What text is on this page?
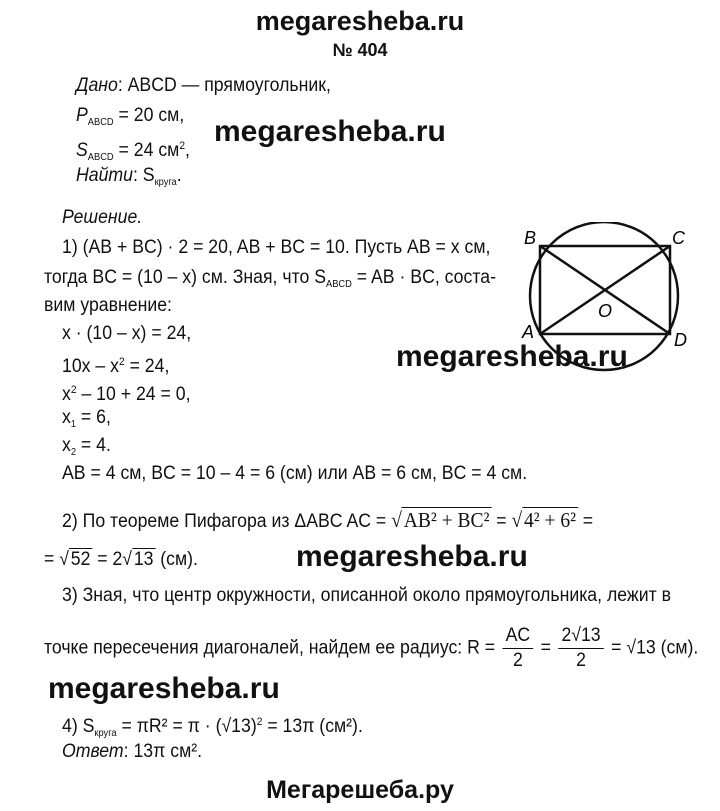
megaresheba.ru
№ 404
Дано: ABCD — прямоугольник,
$P_{ABCD} = 20$ см,
$S_{ABCD} = 24$ $см^2$,
Найти: $S_{круга}$.
megaresheba.ru
Решение.
1) (AB + BC) · 2 = 20, AB + BC = 10. Пусть AB = x см,
тогда BC = (10 – x) см. Зная, что $S_{ABCD}$ = AB · BC, соста-
вим уравнение:
x · (10 – x) = 24,
$10x - x^2 = 24$,
$x^2 - 10 + 24 = 0$,
$x_1 = 6$,
$x_2 = 4$.
AB = 4 см, BC = 10 – 4 = 6 (см) или AB = 6 см, BC = 4 см.
megaresheba.ru
B	C
A	D
O
2) По теореме Пифагора из ΔABC AC = √AB² + BC² = √4² + 6² =
= √52 = 2√13 (см).	megaresheba.ru
3) Зная, что центр окружности, описанной около прямоугольника, лежит в
точке пересечения диагоналей, найдем ее радиус: $R = \frac{AC}{2} = \frac{2√13}{2} = √13$ (см).
megaresheba.ru
4) $S_{круга} = \pi R^2 = \pi \cdot (√13)^2 = 13\pi$ (см²).
Ответ: 13π см².
Мегарешеба.ру
